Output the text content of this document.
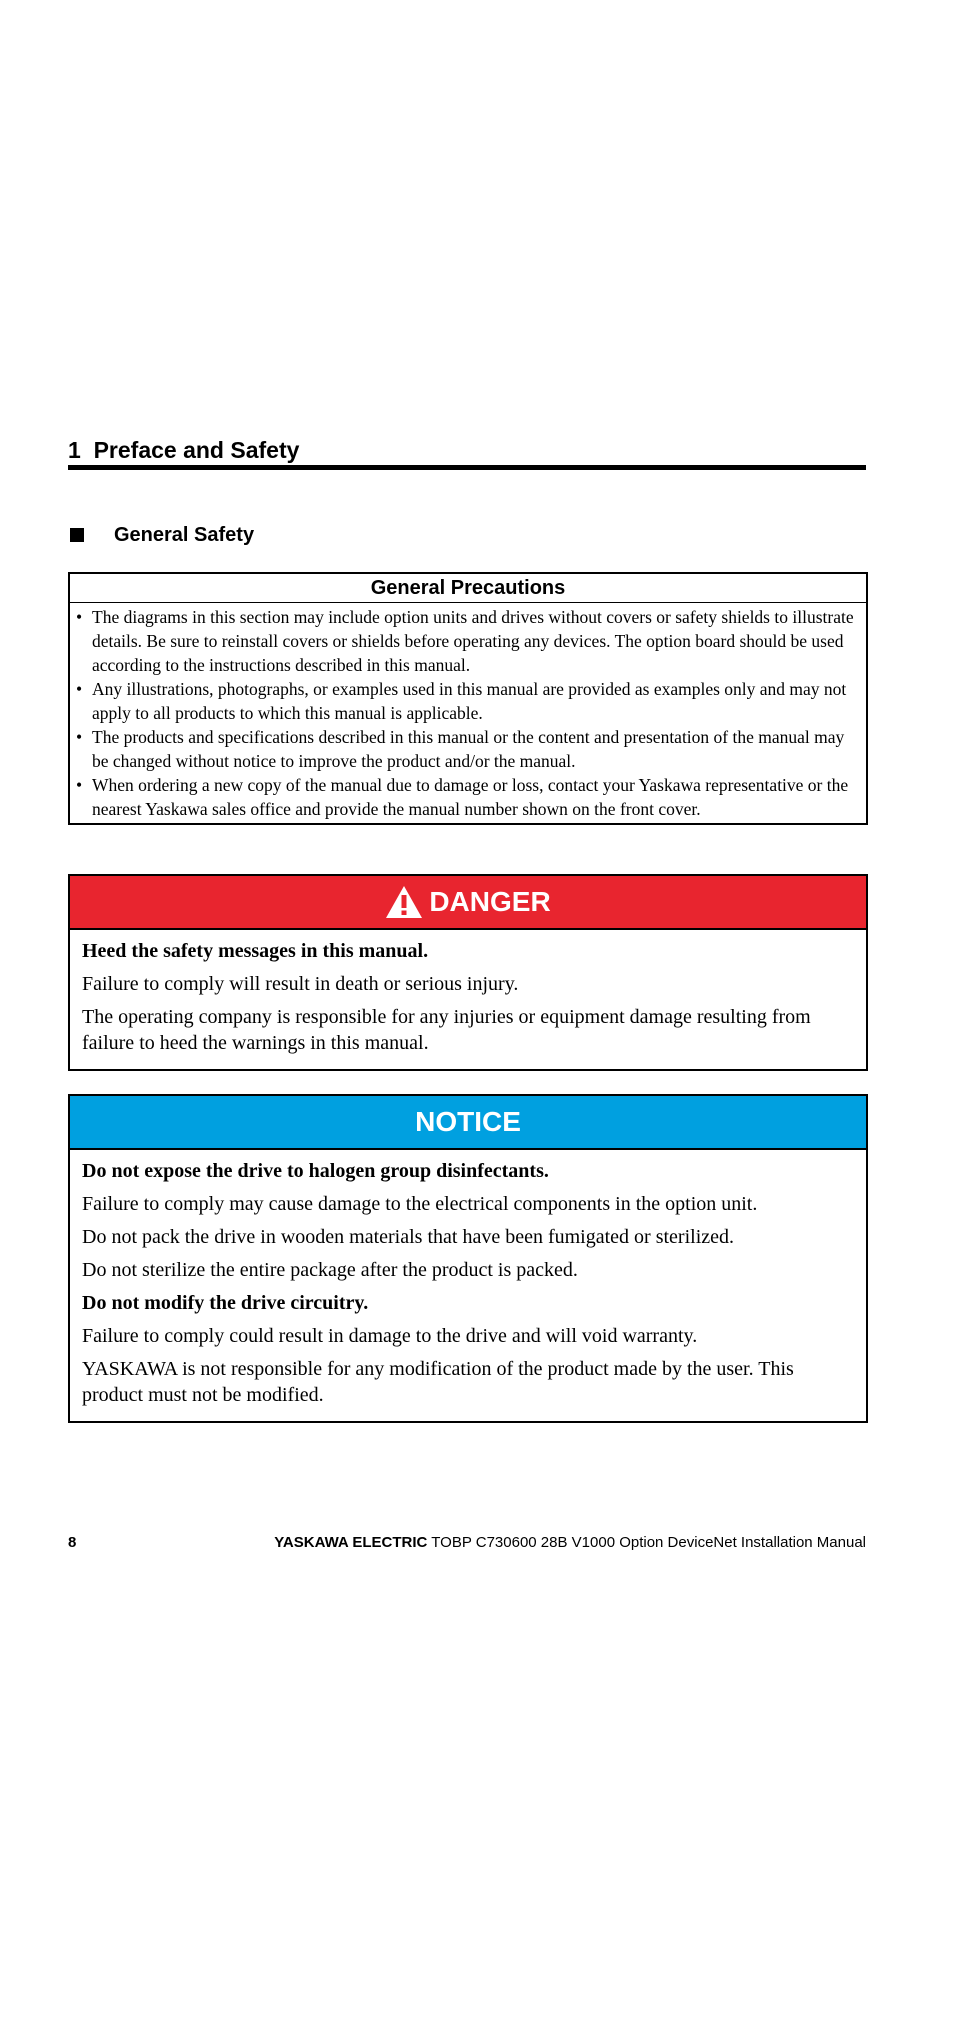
1 Preface and Safety
General Safety
General Precautions
• The diagrams in this section may include option units and drives without covers or safety shields to illustrate details. Be sure to reinstall covers or shields before operating any devices. The option board should be used according to the instructions described in this manual.
• Any illustrations, photographs, or examples used in this manual are provided as examples only and may not apply to all products to which this manual is applicable.
• The products and specifications described in this manual or the content and presentation of the manual may be changed without notice to improve the product and/or the manual.
• When ordering a new copy of the manual due to damage or loss, contact your Yaskawa representative or the nearest Yaskawa sales office and provide the manual number shown on the front cover.
DANGER

Heed the safety messages in this manual.

Failure to comply will result in death or serious injury.

The operating company is responsible for any injuries or equipment damage resulting from failure to heed the warnings in this manual.

NOTICE

Do not expose the drive to halogen group disinfectants.

Failure to comply may cause damage to the electrical components in the option unit.

Do not pack the drive in wooden materials that have been fumigated or sterilized.

Do not sterilize the entire package after the product is packed.

Do not modify the drive circuitry.

Failure to comply could result in damage to the drive and will void warranty.

YASKAWA is not responsible for any modification of the product made by the user. This product must not be modified.

8	YASKAWA ELECTRIC TOBP C730600 28B V1000 Option DeviceNet Installation Manual
